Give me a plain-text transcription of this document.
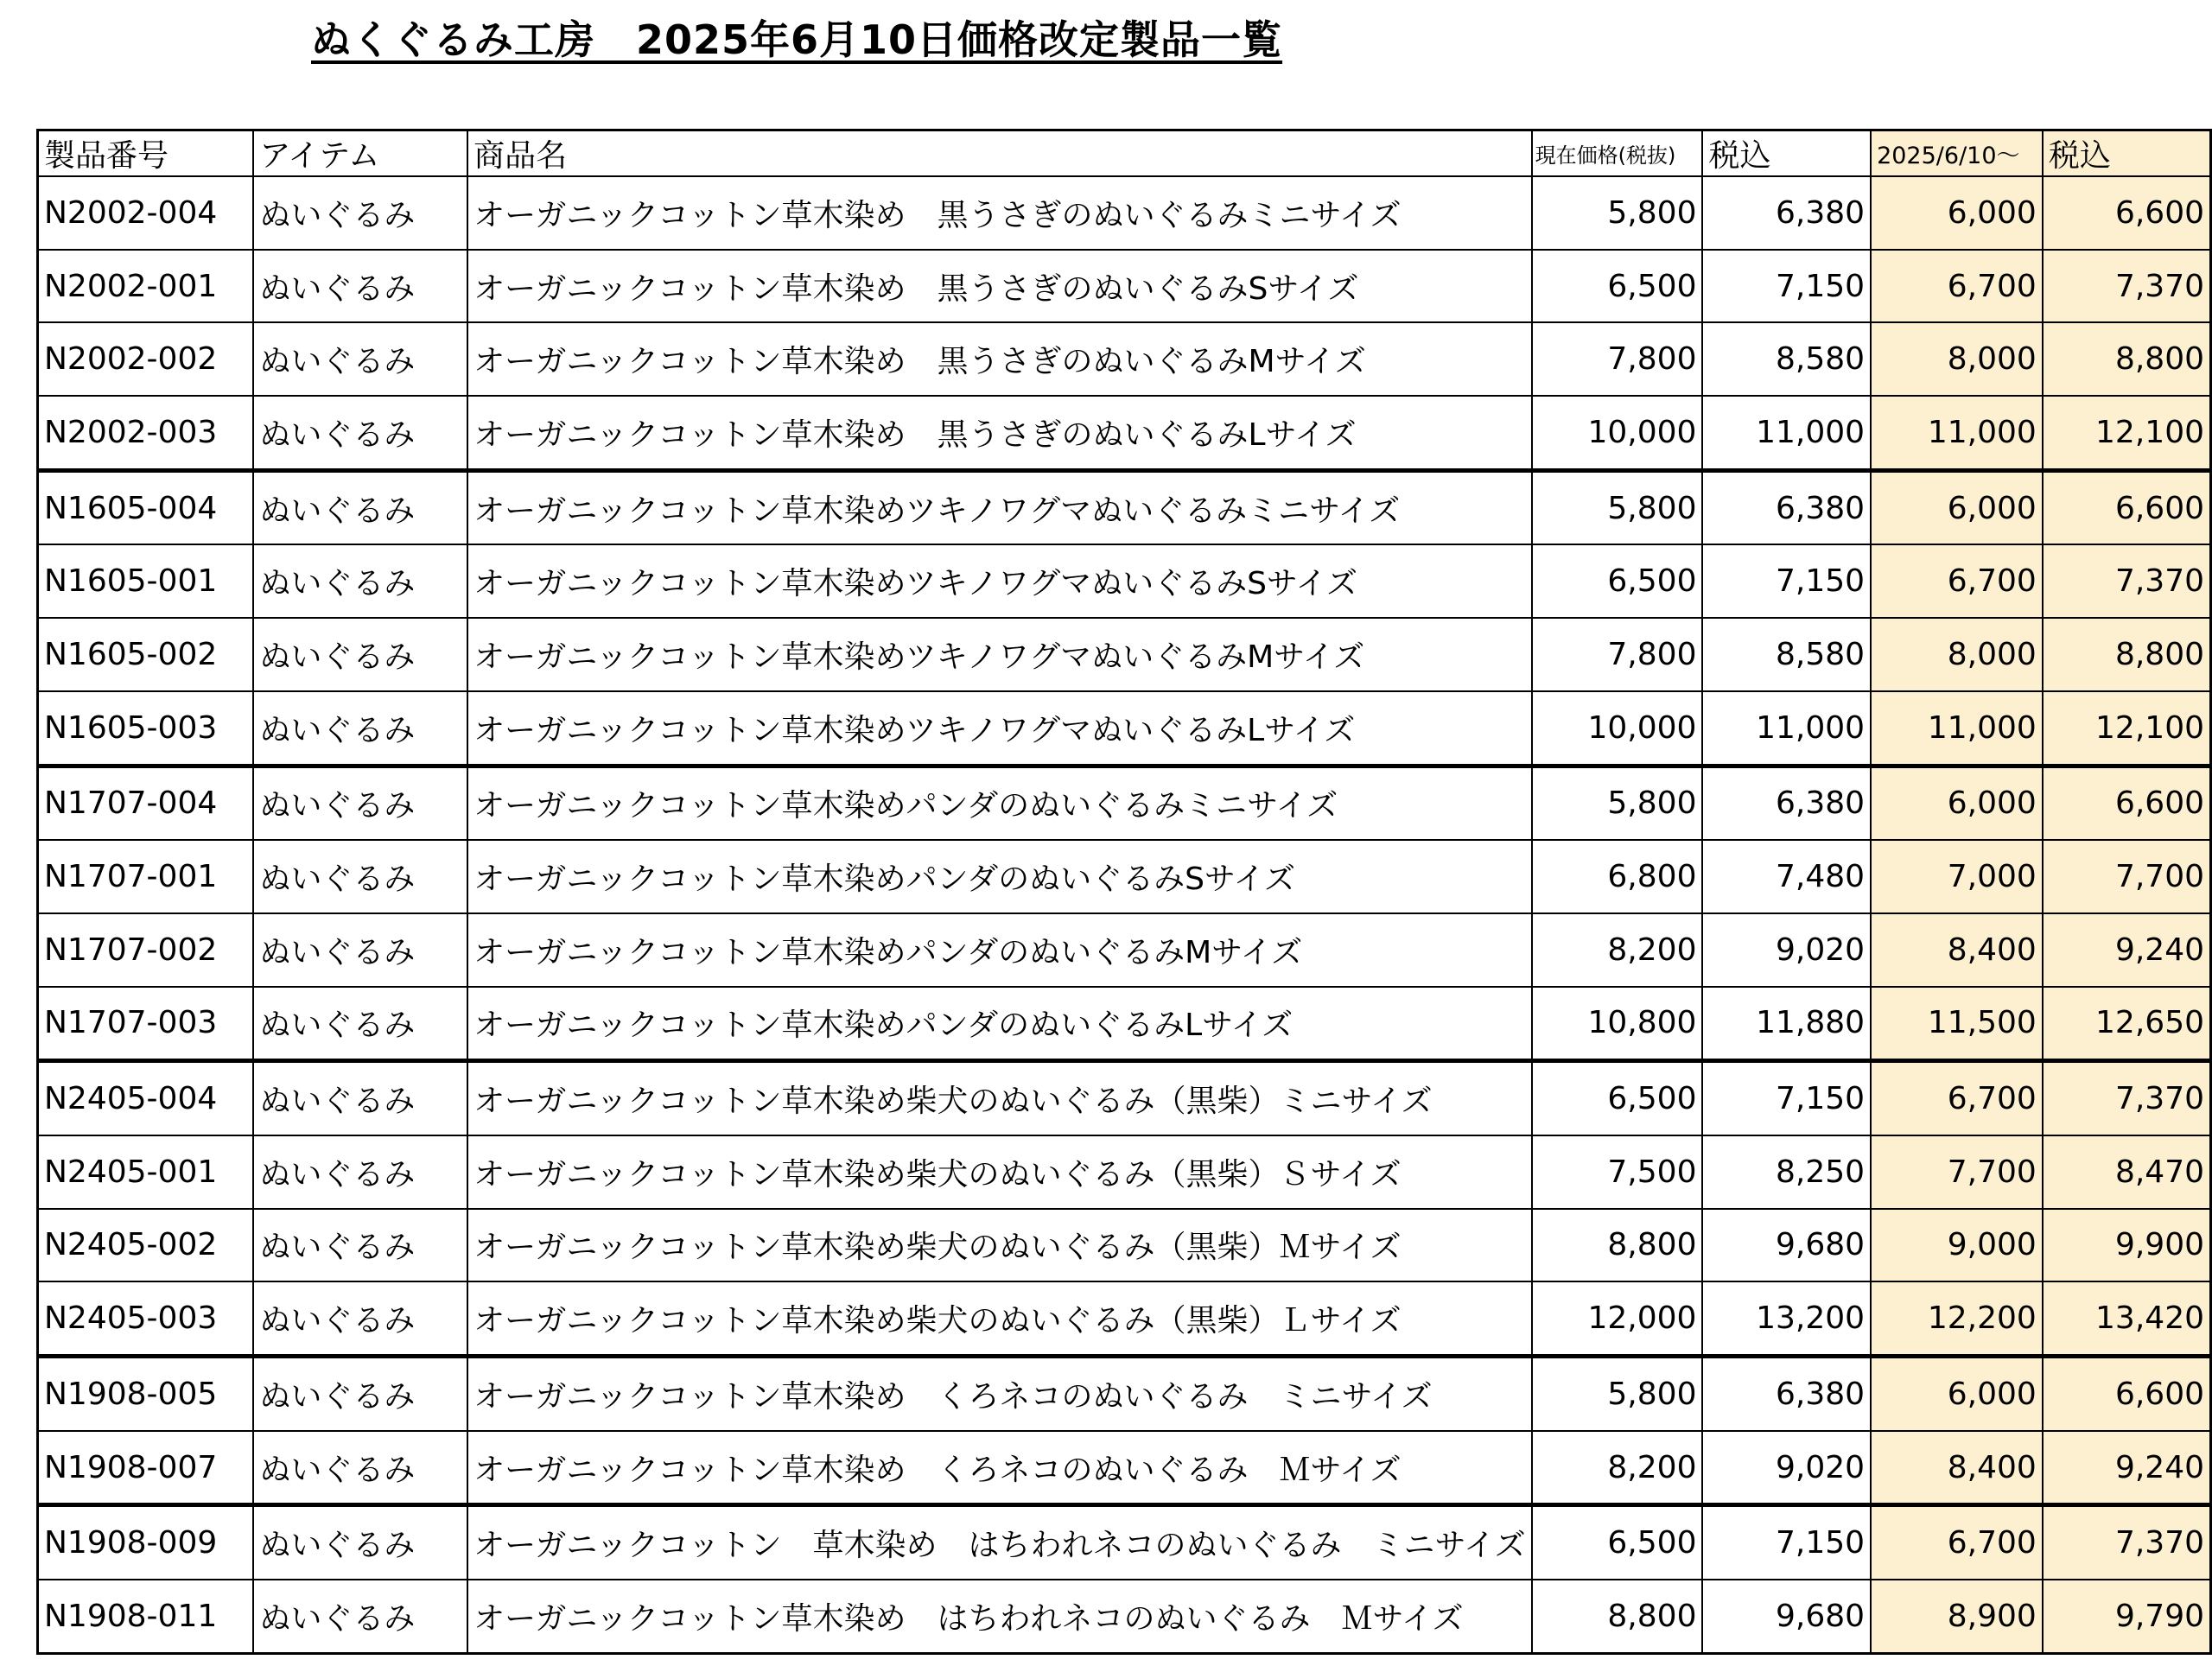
ぬくぐるみ工房　2025年6月10日価格改定製品一覧
製品番号	アイテム	商品名	現在価格(税抜)	税込	2025/6/10～	税込
N2002-004	ぬいぐるみ	オーガニックコットン草木染め　黒うさぎのぬいぐるみミニサイズ	5,800	6,380	6,000	6,600
N2002-001	ぬいぐるみ	オーガニックコットン草木染め　黒うさぎのぬいぐるみSサイズ	6,500	7,150	6,700	7,370
N2002-002	ぬいぐるみ	オーガニックコットン草木染め　黒うさぎのぬいぐるみMサイズ	7,800	8,580	8,000	8,800
N2002-003	ぬいぐるみ	オーガニックコットン草木染め　黒うさぎのぬいぐるみLサイズ	10,000	11,000	11,000	12,100
N1605-004	ぬいぐるみ	オーガニックコットン草木染めツキノワグマぬいぐるみミニサイズ	5,800	6,380	6,000	6,600
N1605-001	ぬいぐるみ	オーガニックコットン草木染めツキノワグマぬいぐるみSサイズ	6,500	7,150	6,700	7,370
N1605-002	ぬいぐるみ	オーガニックコットン草木染めツキノワグマぬいぐるみMサイズ	7,800	8,580	8,000	8,800
N1605-003	ぬいぐるみ	オーガニックコットン草木染めツキノワグマぬいぐるみLサイズ	10,000	11,000	11,000	12,100
N1707-004	ぬいぐるみ	オーガニックコットン草木染めパンダのぬいぐるみミニサイズ	5,800	6,380	6,000	6,600
N1707-001	ぬいぐるみ	オーガニックコットン草木染めパンダのぬいぐるみSサイズ	6,800	7,480	7,000	7,700
N1707-002	ぬいぐるみ	オーガニックコットン草木染めパンダのぬいぐるみMサイズ	8,200	9,020	8,400	9,240
N1707-003	ぬいぐるみ	オーガニックコットン草木染めパンダのぬいぐるみLサイズ	10,800	11,880	11,500	12,650
N2405-004	ぬいぐるみ	オーガニックコットン草木染め柴犬のぬいぐるみ（黒柴）ミニサイズ	6,500	7,150	6,700	7,370
N2405-001	ぬいぐるみ	オーガニックコットン草木染め柴犬のぬいぐるみ（黒柴）Ｓサイズ	7,500	8,250	7,700	8,470
N2405-002	ぬいぐるみ	オーガニックコットン草木染め柴犬のぬいぐるみ（黒柴）Ｍサイズ	8,800	9,680	9,000	9,900
N2405-003	ぬいぐるみ	オーガニックコットン草木染め柴犬のぬいぐるみ（黒柴）Ｌサイズ	12,000	13,200	12,200	13,420
N1908-005	ぬいぐるみ	オーガニックコットン草木染め　くろネコのぬいぐるみ　ミニサイズ	5,800	6,380	6,000	6,600
N1908-007	ぬいぐるみ	オーガニックコットン草木染め　くろネコのぬいぐるみ　Ｍサイズ	8,200	9,020	8,400	9,240
N1908-009	ぬいぐるみ	オーガニックコットン　草木染め　はちわれネコのぬいぐるみ　ミニサイズ	6,500	7,150	6,700	7,370
N1908-011	ぬいぐるみ	オーガニックコットン草木染め　はちわれネコのぬいぐるみ　Ｍサイズ	8,800	9,680	8,900	9,790
